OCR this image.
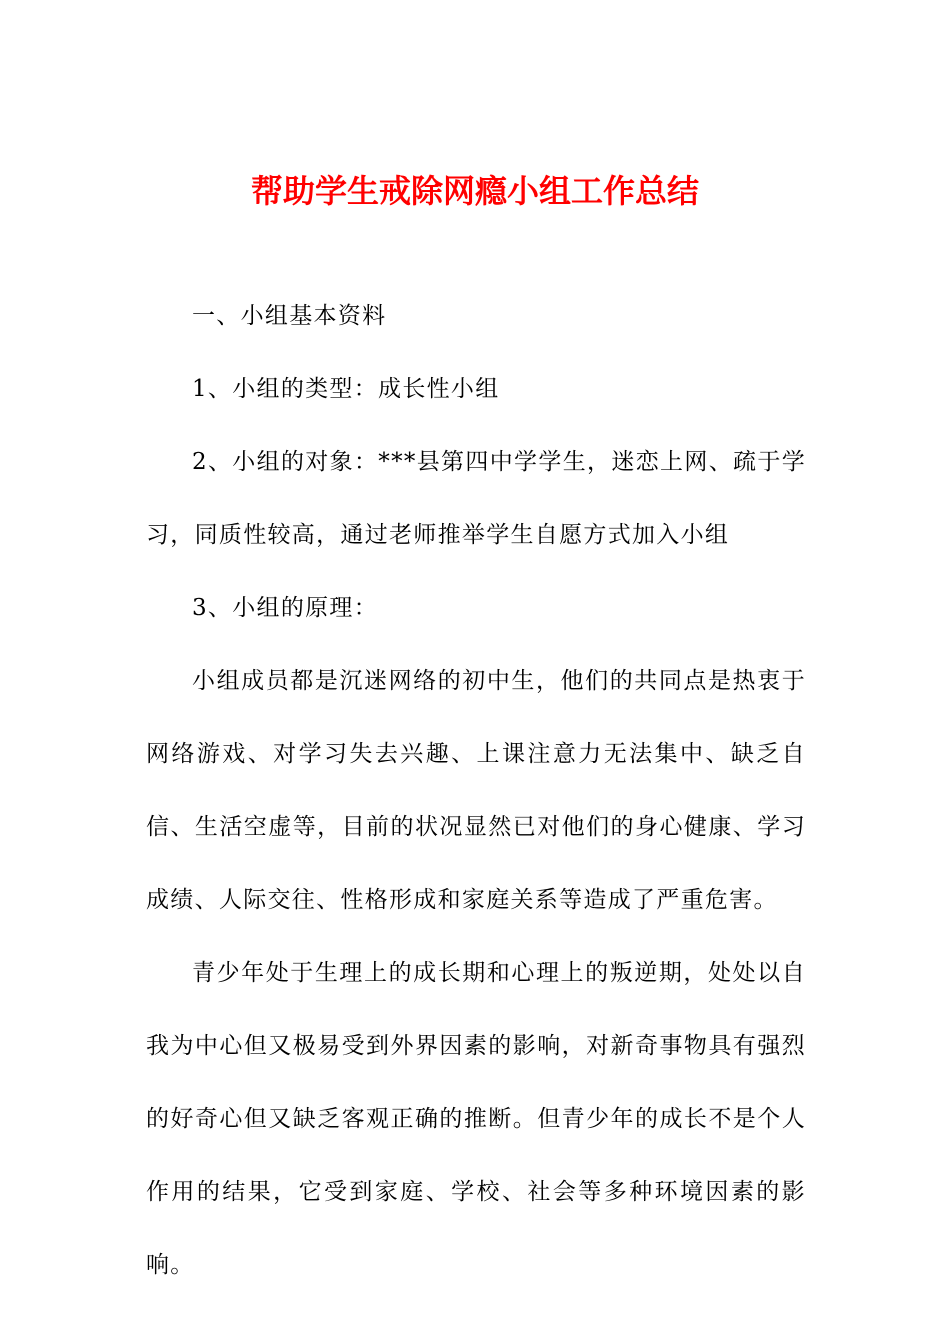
帮助学生戒除网瘾小组工作总结

一、小组基本资料

1、小组的类型：成长性小组

2、小组的对象：***县第四中学学生，迷恋上网、疏于学习，同质性较高，通过老师推举学生自愿方式加入小组

3、小组的原理：

小组成员都是沉迷网络的初中生，他们的共同点是热衷于网络游戏、对学习失去兴趣、上课注意力无法集中、缺乏自信、生活空虚等，目前的状况显然已对他们的身心健康、学习成绩、人际交往、性格形成和家庭关系等造成了严重危害。

青少年处于生理上的成长期和心理上的叛逆期，处处以自我为中心但又极易受到外界因素的影响，对新奇事物具有强烈的好奇心但又缺乏客观正确的推断。但青少年的成长不是个人作用的结果，它受到家庭、学校、社会等多种环境因素的影响。
